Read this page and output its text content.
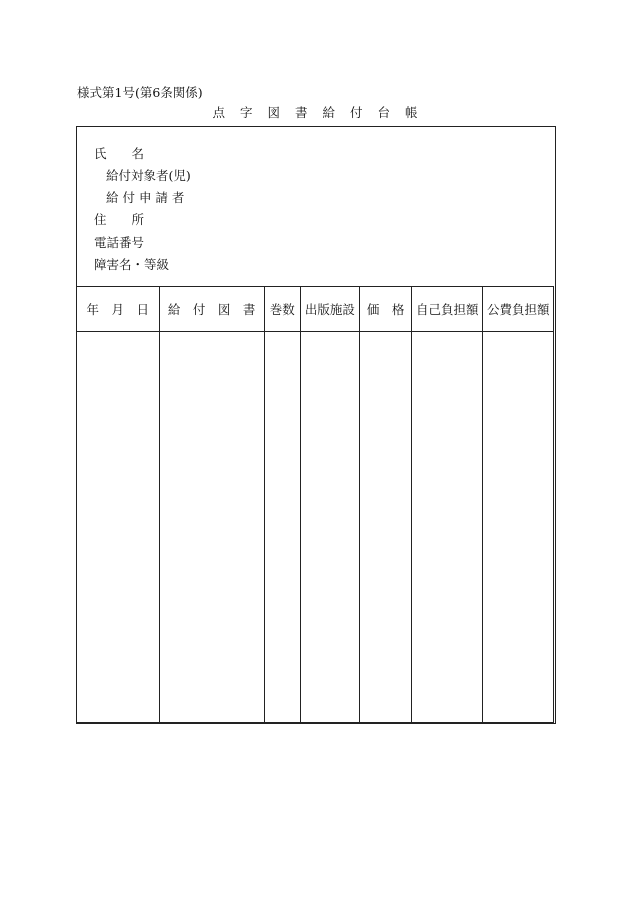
様式第1号(第6条関係)
点字図書給付台帳
氏　　名
給付対象者(児)
給 付 申 請 者
住　　所
電話番号
障害名・等級
年　月　日	給　付　図　書	巻数	出版施設	価　格	自己負担額	公費負担額
